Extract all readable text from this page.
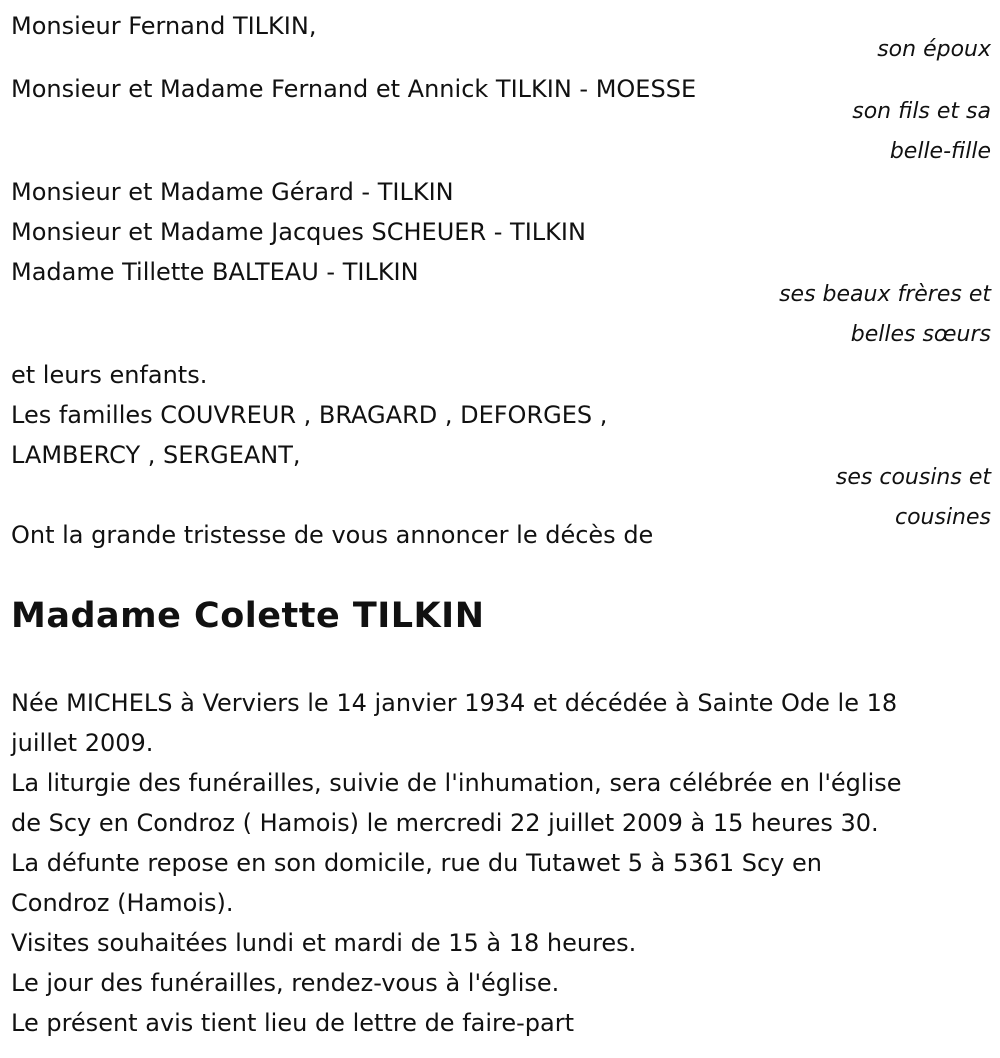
Monsieur Fernand TILKIN,
son époux
Monsieur et Madame Fernand et Annick TILKIN - MOESSE
son fils et sa
belle-fille
Monsieur et Madame Gérard - TILKIN
Monsieur et Madame Jacques SCHEUER - TILKIN
Madame Tillette BALTEAU - TILKIN
ses beaux frères et
belles sœurs
et leurs enfants.
Les familles COUVREUR , BRAGARD , DEFORGES ,
LAMBERCY , SERGEANT,
ses cousins et
cousines
Ont la grande tristesse de vous annoncer le décès de
Madame Colette TILKIN
Née MICHELS à Verviers le 14 janvier 1934 et décédée à Sainte Ode le 18
juillet 2009.
La liturgie des funérailles, suivie de l'inhumation, sera célébrée en l'église
de Scy en Condroz ( Hamois) le mercredi 22 juillet 2009 à 15 heures 30.
La défunte repose en son domicile, rue du Tutawet 5 à 5361 Scy en
Condroz (Hamois).
Visites souhaitées lundi et mardi de 15 à 18 heures.
Le jour des funérailles, rendez-vous à l'église.
Le présent avis tient lieu de lettre de faire-part
